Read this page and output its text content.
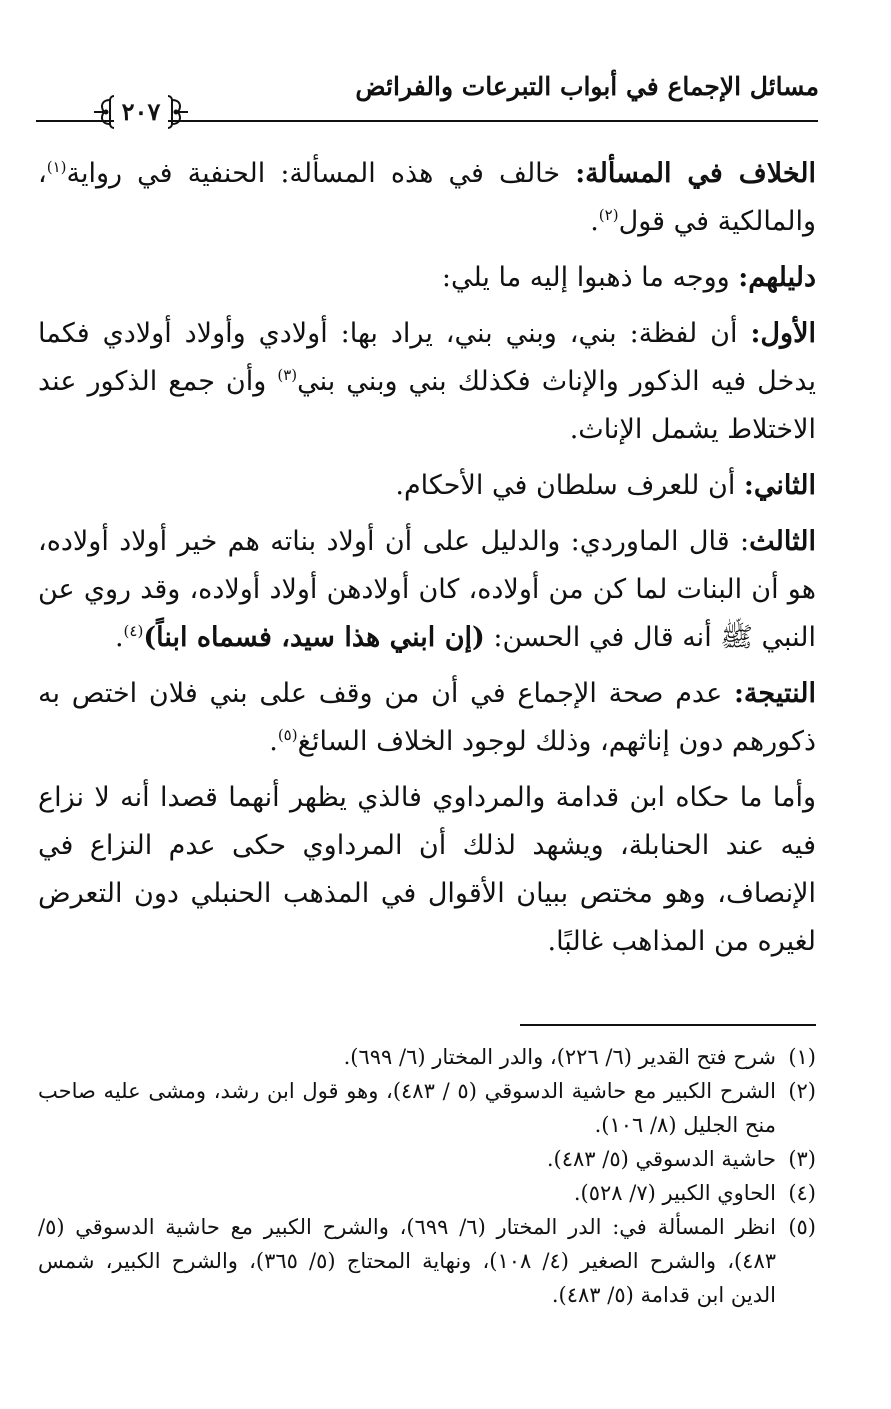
مسائل الإجماع في أبواب التبرعات والفرائض
٢٠٧

الخلاف في المسألة: خالف في هذه المسألة: الحنفية في رواية$^{(١)}$، والمالكية في قول$^{(٢)}$.

دليلهم: ووجه ما ذهبوا إليه ما يلي:

الأول: أن لفظة: بني، وبني بني، يراد بها: أولادي وأولاد أولادي فكما يدخل فيه الذكور والإناث فكذلك بني وبني بني$^{(٣)}$ وأن جمع الذكور عند الاختلاط يشمل الإناث.

الثاني: أن للعرف سلطان في الأحكام.

الثالث: قال الماوردي: والدليل على أن أولاد بناته هم خير أولاد أولاده، هو أن البنات لما كن من أولاده، كان أولادهن أولاد أولاده، وقد روي عن النبي ﷺ أنه قال في الحسن: (إن ابني هذا سيد، فسماه ابناً)$^{(٤)}$.

النتيجة: عدم صحة الإجماع في أن من وقف على بني فلان اختص به ذكورهم دون إناثهم، وذلك لوجود الخلاف السائغ$^{(٥)}$.

وأما ما حكاه ابن قدامة والمرداوي فالذي يظهر أنهما قصدا أنه لا نزاع فيه عند الحنابلة، ويشهد لذلك أن المرداوي حكى عدم النزاع في الإنصاف، وهو مختص ببيان الأقوال في المذهب الحنبلي دون التعرض لغيره من المذاهب غالبًا.

(١)
شرح فتح القدير (٦/ ٢٢٦)، والدر المختار (٦/ ٦٩٩).
(٢)
الشرح الكبير مع حاشية الدسوقي (٥ / ٤٨٣)، وهو قول ابن رشد، ومشى عليه صاحب منح الجليل (٨/ ١٠٦).
(٣)
حاشية الدسوقي (٥/ ٤٨٣).
(٤)
الحاوي الكبير (٧/ ٥٢٨).
(٥)
انظر المسألة في: الدر المختار (٦/ ٦٩٩)، والشرح الكبير مع حاشية الدسوقي (٥/ ٤٨٣)، والشرح الصغير (٤/ ١٠٨)، ونهاية المحتاج (٥/ ٣٦٥)، والشرح الكبير، شمس الدين ابن قدامة (٥/ ٤٨٣).
